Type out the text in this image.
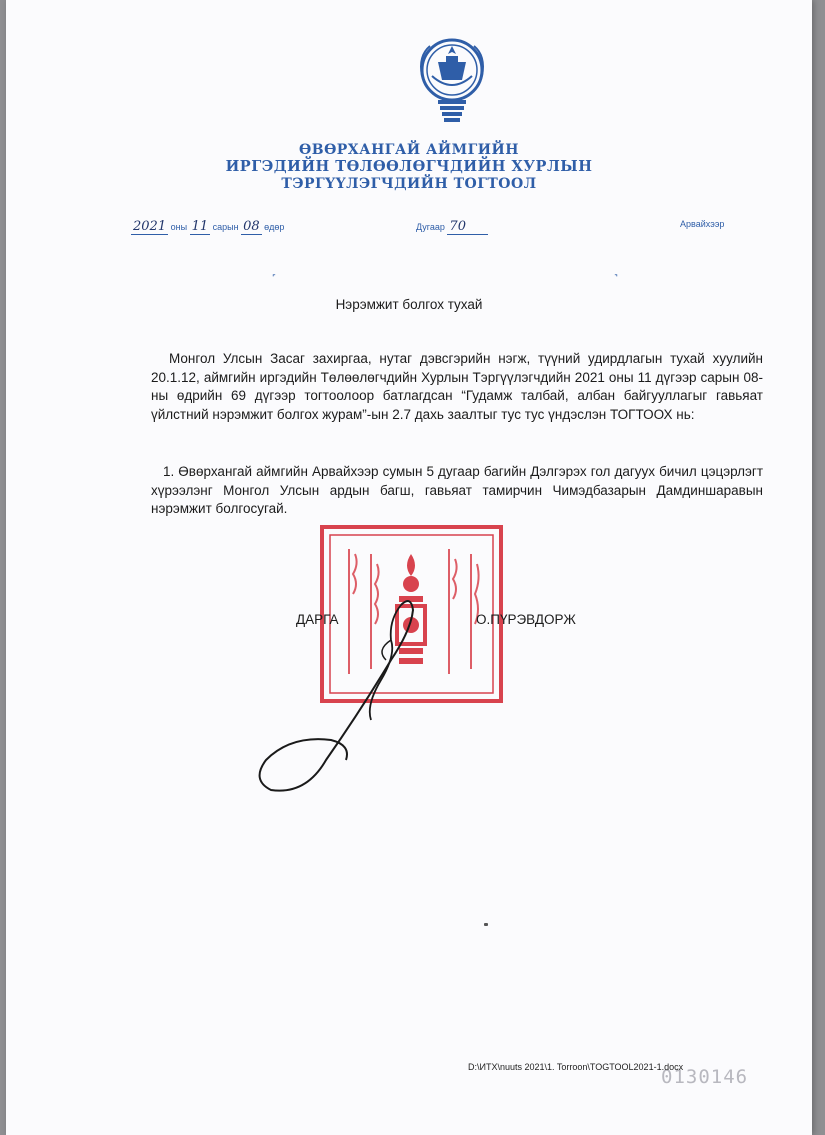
ӨВӨРХАНГАЙ АЙМГИЙН
ИРГЭДИЙН ТӨЛӨӨЛӨГЧДИЙН ХУРЛЫН
ТЭРГҮҮЛЭГЧДИЙН ТОГТООЛ
2021 оны 11 сарын 08 өдөр	Дугаар 70	Арвайхээр
˹	˺
Нэрэмжит болгох тухай
Монгол Улсын Засаг захиргаа, нутаг дэвсгэрийн нэгж, түүний удирдлагын тухай хуулийн 20.1.12, аймгийн иргэдийн Төлөөлөгчдийн Хурлын Тэргүүлэгчдийн 2021 оны 11 дүгээр сарын 08-ны өдрийн 69 дүгээр тогтоолоор батлагдсан “Гудамж талбай, албан байгууллагыг гавьяат үйлстний нэрэмжит болгох журам”-ын 2.7 дахь заалтыг тус тус үндэслэн ТОГТООХ нь:
1. Өвөрхангай аймгийн Арвайхээр сумын 5 дугаар багийн Дэлгэрэх гол дагуух бичил цэцэрлэгт хүрээлэнг Монгол Улсын ардын багш, гавьяат тамирчин Чимэдбазарын Дамдиншаравын нэрэмжит болгосугай.
ДАРГА	О.ПҮРЭВДОРЖ
0130146
D:\ИТХ\nuuts 2021\1. Torroon\TOGTOOL2021-1.docx
